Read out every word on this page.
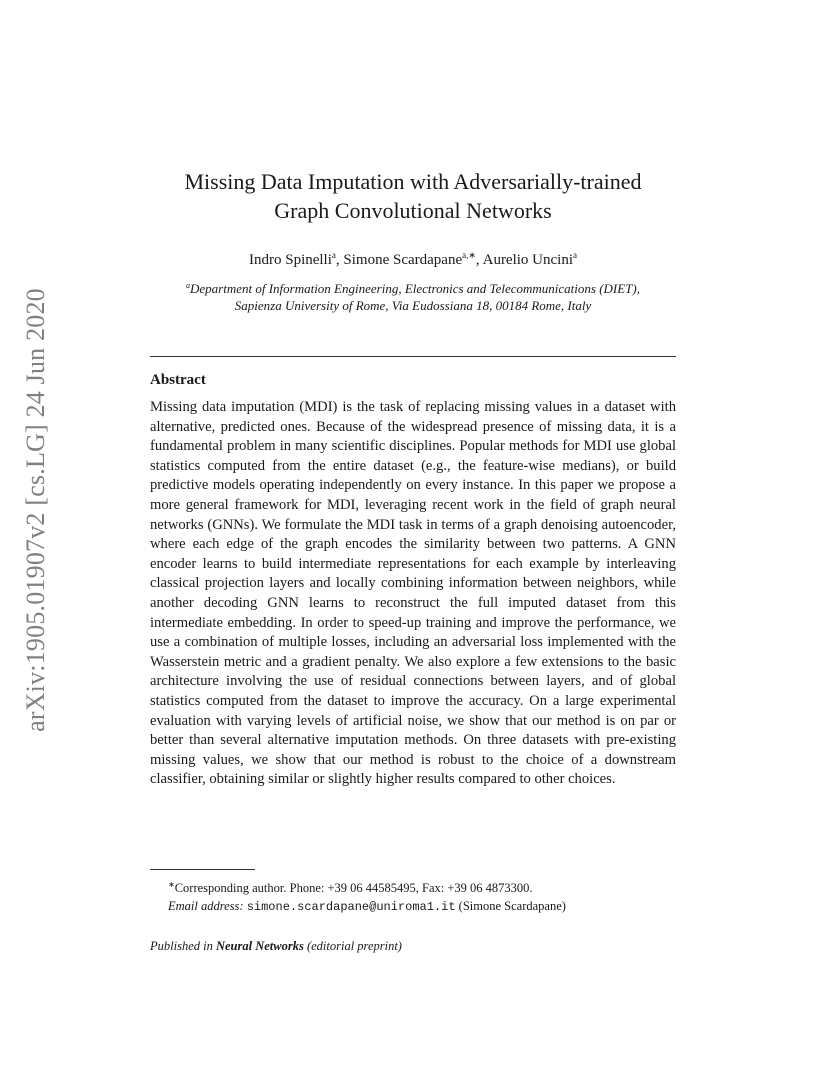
arXiv:1905.01907v2 [cs.LG] 24 Jun 2020
Missing Data Imputation with Adversarially-trained
Graph Convolutional Networks
Indro Spinelli$^a$, Simone Scardapane$^{a,∗}$, Aurelio Uncini$^a$
$^a$Department of Information Engineering, Electronics and Telecommunications (DIET),
Sapienza University of Rome, Via Eudossiana 18, 00184 Rome, Italy
Abstract
Missing data imputation (MDI) is the task of replacing missing values in a dataset with alternative, predicted ones. Because of the widespread presence of missing data, it is a fundamental problem in many scientific disciplines. Popular methods for MDI use global statistics computed from the entire dataset (e.g., the feature-wise medians), or build predictive models operating independently on every instance. In this paper we propose a more general framework for MDI, leveraging recent work in the field of graph neural networks (GNNs). We formulate the MDI task in terms of a graph denoising autoencoder, where each edge of the graph encodes the similarity between two patterns. A GNN encoder learns to build intermediate representations for each example by interleaving classical projection layers and locally combining information between neighbors, while another decoding GNN learns to reconstruct the full imputed dataset from this intermediate embedding. In order to speed-up training and improve the performance, we use a combination of multiple losses, including an adversarial loss implemented with the Wasserstein metric and a gradient penalty. We also explore a few extensions to the basic architecture involving the use of residual connections between layers, and of global statistics computed from the dataset to improve the accuracy. On a large experimental evaluation with varying levels of artificial noise, we show that our method is on par or better than several alternative imputation methods. On three datasets with pre-existing missing values, we show that our method is robust to the choice of a downstream classifier, obtaining similar or slightly higher results compared to other choices.
∗Corresponding author. Phone: +39 06 44585495, Fax: +39 06 4873300.
Email address: simone.scardapane@uniroma1.it (Simone Scardapane)
Published in Neural Networks (editorial preprint)
